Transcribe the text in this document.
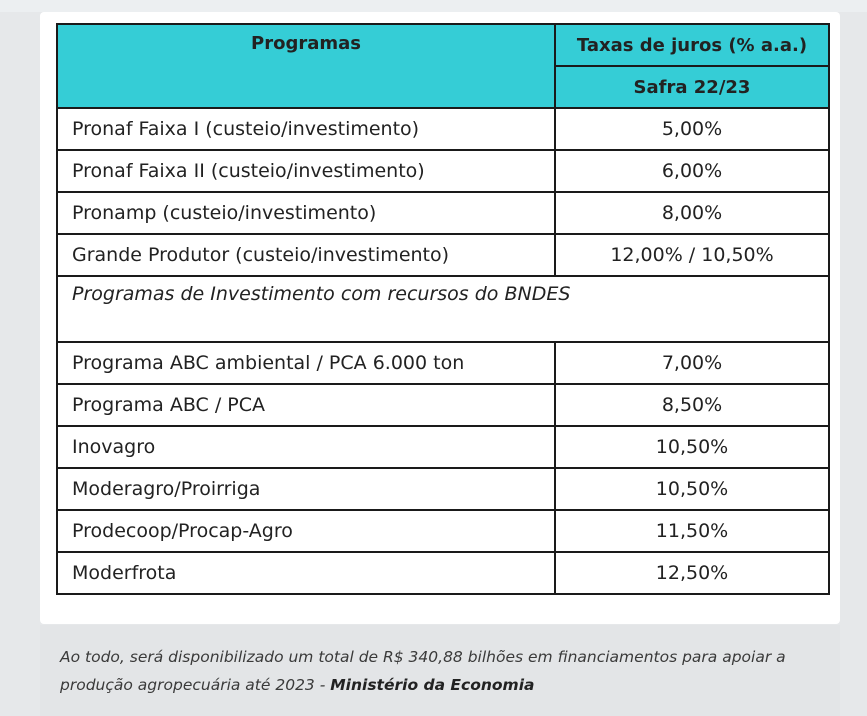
Programas	Taxas de juros (% a.a.)
	Safra 22/23
Pronaf Faixa I (custeio/investimento)	5,00%
Pronaf Faixa II (custeio/investimento)	6,00%
Pronamp (custeio/investimento)	8,00%
Grande Produtor (custeio/investimento)	12,00% / 10,50%
Programas de Investimento com recursos do BNDES	
Programa ABC ambiental / PCA 6.000 ton	7,00%
Programa ABC / PCA	8,50%
Inovagro	10,50%
Moderagro/Proirriga	10,50%
Prodecoop/Procap-Agro	11,50%
Moderfrota	12,50%
Ao todo, será disponibilizado um total de R$ 340,88 bilhões em financiamentos para apoiar a produção agropecuária até 2023 - Ministério da Economia
